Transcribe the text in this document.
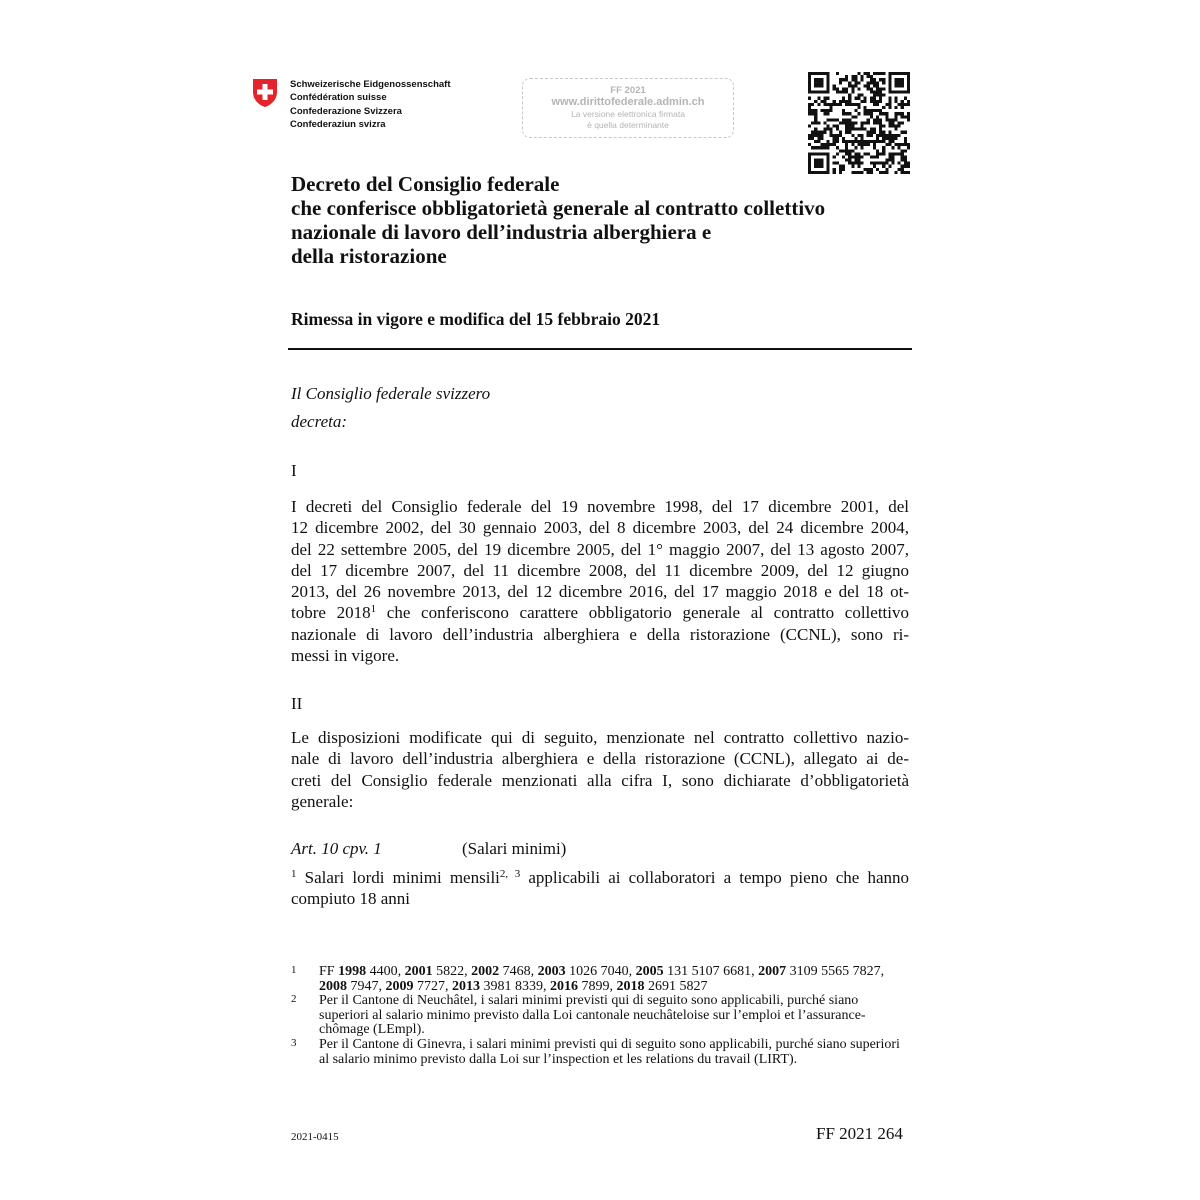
Schweizerische Eidgenossenschaft
Confédération suisse
Confederazione Svizzera
Confederaziun svizra
FF 2021
www.dirittofederale.admin.ch
La versione elettronica firmata
è quella determinante
Decreto del Consiglio federale
che conferisce obbligatorietà generale al contratto collettivo
nazionale di lavoro dell’industria alberghiera e
della ristorazione
Rimessa in vigore e modifica del 15 febbraio 2021
Il Consiglio federale svizzero
decreta:
I
I decreti del Consiglio federale del 19 novembre 1998, del 17 dicembre 2001, del
12 dicembre 2002, del 30 gennaio 2003, del 8 dicembre 2003, del 24 dicembre 2004,
del 22 settembre 2005, del 19 dicembre 2005, del 1° maggio 2007, del 13 agosto 2007,
del 17 dicembre 2007, del 11 dicembre 2008, del 11 dicembre 2009, del 12 giugno
2013, del 26 novembre 2013, del 12 dicembre 2016, del 17 maggio 2018 e del 18 ot-
tobre 2018$^1$ che conferiscono carattere obbligatorio generale al contratto collettivo
nazionale di lavoro dell’industria alberghiera e della ristorazione (CCNL), sono ri-
messi in vigore.
II
Le disposizioni modificate qui di seguito, menzionate nel contratto collettivo nazio-
nale di lavoro dell’industria alberghiera e della ristorazione (CCNL), allegato ai de-
creti del Consiglio federale menzionati alla cifra I, sono dichiarate d’obbligatorietà
generale:
Art. 10 cpv. 1	(Salari minimi)
$^1$ Salari lordi minimi mensili$^{2, 3}$ applicabili ai collaboratori a tempo pieno che hanno
compiuto 18 anni
1 FF 1998 4400, 2001 5822, 2002 7468, 2003 1026 7040, 2005 131 5107 6681, 2007 3109 5565 7827, 2008 7947, 2009 7727, 2013 3981 8339, 2016 7899, 2018 2691 5827
2 Per il Cantone di Neuchâtel, i salari minimi previsti qui di seguito sono applicabili, purché siano superiori al salario minimo previsto dalla Loi cantonale neuchâteloise sur l’emploi et l’assurance-chômage (LEmpl).
3 Per il Cantone di Ginevra, i salari minimi previsti qui di seguito sono applicabili, purché siano superiori al salario minimo previsto dalla Loi sur l’inspection et les relations du travail (LIRT).
2021-0415	FF 2021 264
